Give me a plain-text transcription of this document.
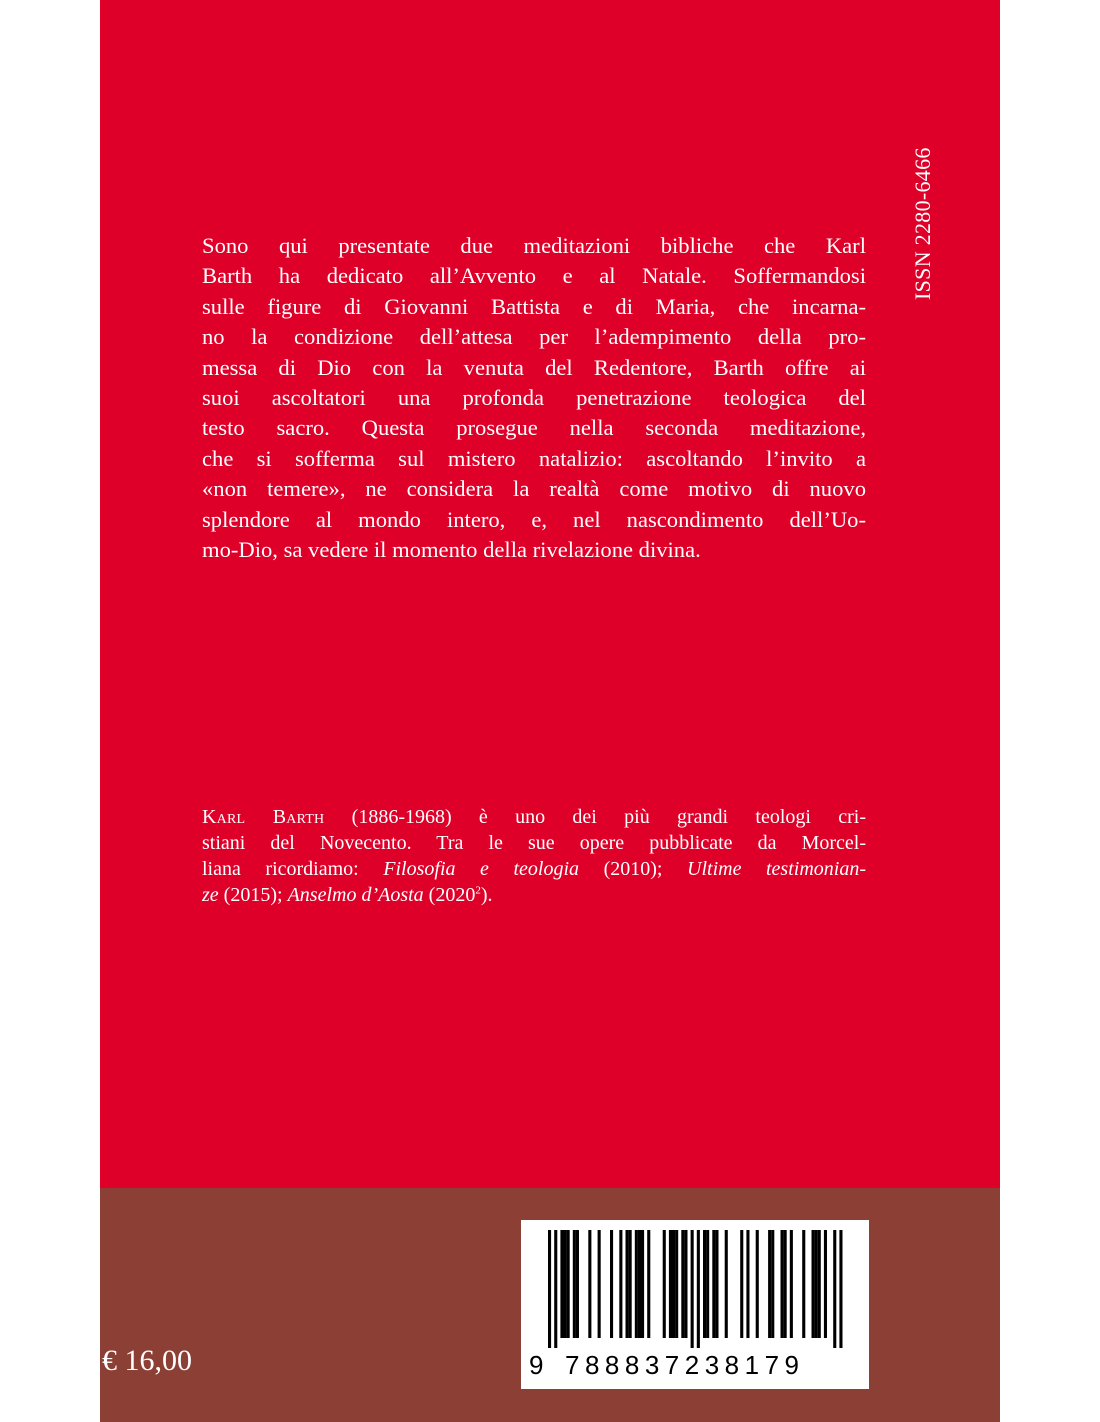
ISSN 2280-6466
Sono qui presentate due meditazioni bibliche che Karl
Barth ha dedicato all’Avvento e al Natale. Soffermandosi
sulle figure di Giovanni Battista e di Maria, che incarna-
no la condizione dell’attesa per l’adempimento della pro-
messa di Dio con la venuta del Redentore, Barth offre ai
suoi ascoltatori una profonda penetrazione teologica del
testo sacro. Questa prosegue nella seconda meditazione,
che si sofferma sul mistero natalizio: ascoltando l’invito a
«non temere», ne considera la realtà come motivo di nuovo
splendore al mondo intero, e, nel nascondimento dell’Uo-
mo-Dio, sa vedere il momento della rivelazione divina.
Karl Barth (1886-1968) è uno dei più grandi teologi cri-
stiani del Novecento. Tra le sue opere pubblicate da Morcel-
liana ricordiamo: Filosofia e teologia (2010); Ultime testimonian-
ze (2015); Anselmo d’Aosta (2020$^2$).
€ 16,00	9 788837238179
